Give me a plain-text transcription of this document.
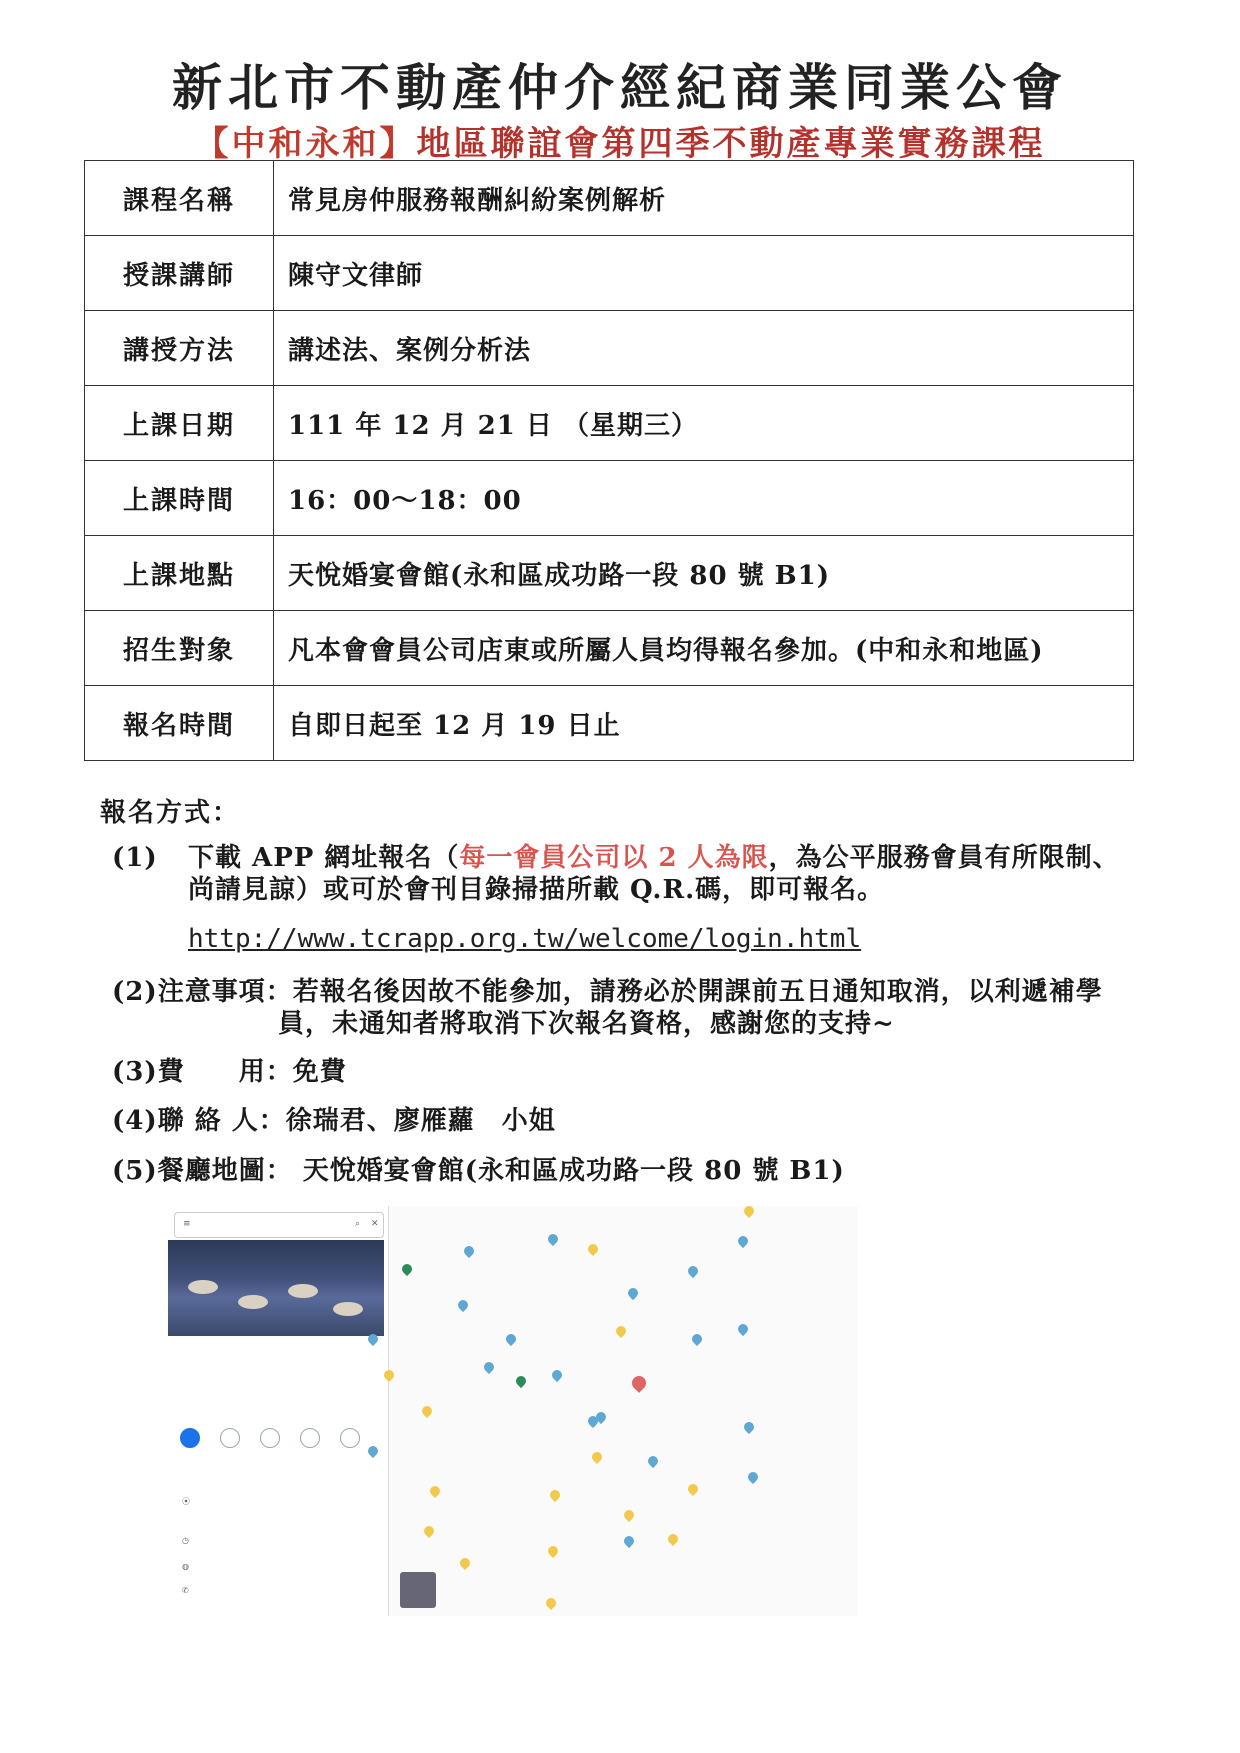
新北市不動產仲介經紀商業同業公會
【中和永和】地區聯誼會第四季不動產專業實務課程
課程名稱	常見房仲服務報酬糾紛案例解析
授課講師	陳守文律師
講授方法	講述法、案例分析法
上課日期	111 年 12 月 21 日 （星期三）
上課時間	16：00～18：00
上課地點	天悅婚宴會館(永和區成功路一段 80 號 B1)
招生對象	凡本會會員公司店東或所屬人員均得報名參加。(中和永和地區)
報名時間	自即日起至 12 月 19 日止
報名方式：
(1) 下載 APP 網址報名（每一會員公司以 2 人為限，為公平服務會員有所限制、尚請見諒）或可於會刊目錄掃描所載 Q.R.碼，即可報名。
http://www.tcrapp.org.tw/welcome/login.html
(2)注意事項：若報名後因故不能參加，請務必於開課前五日通知取消，以利遞補學
員，未通知者將取消下次報名資格，感謝您的支持~
(3)費　　用：免費
(4)聯 絡 人：徐瑞君、廖雁蘿　小姐
(5)餐廳地圖： 天悅婚宴會館(永和區成功路一段 80 號 B1)
≡	⌕ ✕
⦿
◷
◍
✆
